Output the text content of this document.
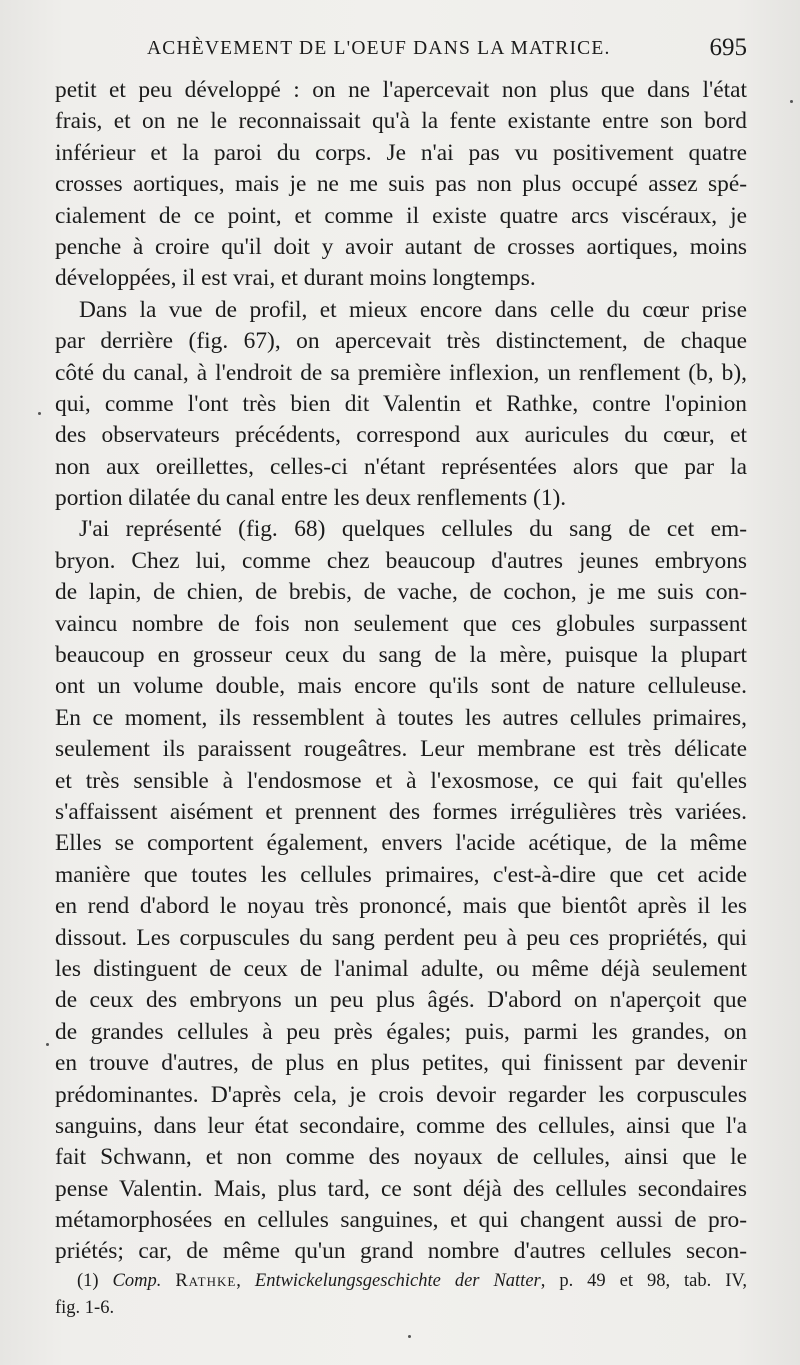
ACHÈVEMENT DE L'OEUF DANS LA MATRICE.	695
petit et peu développé : on ne l'apercevait non plus que dans l'état
frais, et on ne le reconnaissait qu'à la fente existante entre son bord
inférieur et la paroi du corps. Je n'ai pas vu positivement quatre
crosses aortiques, mais je ne me suis pas non plus occupé assez spé-
cialement de ce point, et comme il existe quatre arcs viscéraux, je
penche à croire qu'il doit y avoir autant de crosses aortiques, moins
développées, il est vrai, et durant moins longtemps.
Dans la vue de profil, et mieux encore dans celle du cœur prise
par derrière (fig. 67), on apercevait très distinctement, de chaque
côté du canal, à l'endroit de sa première inflexion, un renflement (b, b),
qui, comme l'ont très bien dit Valentin et Rathke, contre l'opinion
des observateurs précédents, correspond aux auricules du cœur, et
non aux oreillettes, celles-ci n'étant représentées alors que par la
portion dilatée du canal entre les deux renflements (1).
J'ai représenté (fig. 68) quelques cellules du sang de cet em-
bryon. Chez lui, comme chez beaucoup d'autres jeunes embryons
de lapin, de chien, de brebis, de vache, de cochon, je me suis con-
vaincu nombre de fois non seulement que ces globules surpassent
beaucoup en grosseur ceux du sang de la mère, puisque la plupart
ont un volume double, mais encore qu'ils sont de nature celluleuse.
En ce moment, ils ressemblent à toutes les autres cellules primaires,
seulement ils paraissent rougeâtres. Leur membrane est très délicate
et très sensible à l'endosmose et à l'exosmose, ce qui fait qu'elles
s'affaissent aisément et prennent des formes irrégulières très variées.
Elles se comportent également, envers l'acide acétique, de la même
manière que toutes les cellules primaires, c'est-à-dire que cet acide
en rend d'abord le noyau très prononcé, mais que bientôt après il les
dissout. Les corpuscules du sang perdent peu à peu ces propriétés, qui
les distinguent de ceux de l'animal adulte, ou même déjà seulement
de ceux des embryons un peu plus âgés. D'abord on n'aperçoit que
de grandes cellules à peu près égales; puis, parmi les grandes, on
en trouve d'autres, de plus en plus petites, qui finissent par devenir
prédominantes. D'après cela, je crois devoir regarder les corpuscules
sanguins, dans leur état secondaire, comme des cellules, ainsi que l'a
fait Schwann, et non comme des noyaux de cellules, ainsi que le
pense Valentin. Mais, plus tard, ce sont déjà des cellules secondaires
métamorphosées en cellules sanguines, et qui changent aussi de pro-
priétés; car, de même qu'un grand nombre d'autres cellules secon-
(1) Comp. Rathke, Entwickelungsgeschichte der Natter, p. 49 et 98, tab. IV,
fig. 1-6.
